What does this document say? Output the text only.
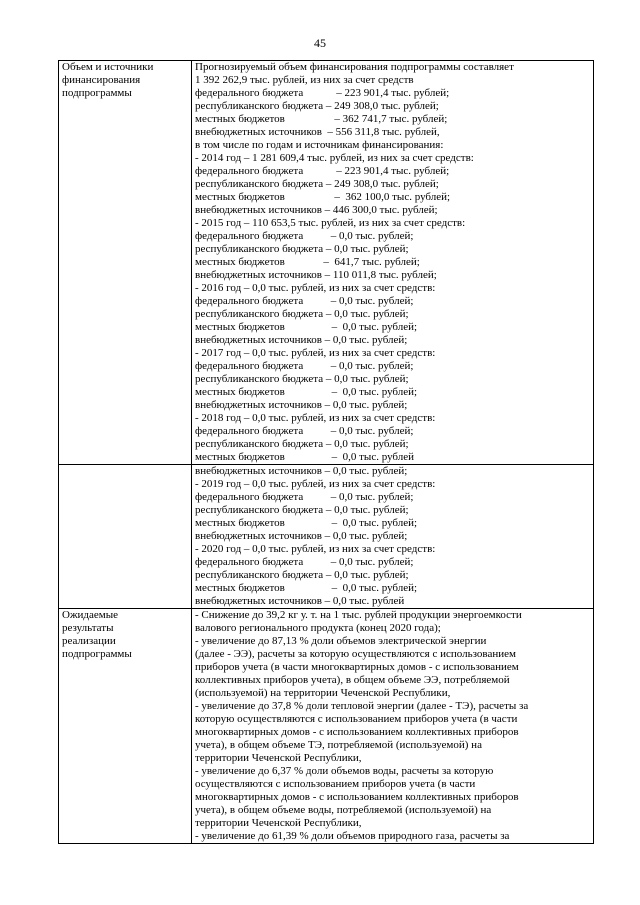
45
Объем и источники
финансирования
подпрограммы
Прогнозируемый объем финансирования подпрограммы составляет
1 392 262,9 тыс. рублей, из них за счет средств
федерального бюджета            – 223 901,4 тыс. рублей;
республиканского бюджета – 249 308,0 тыс. рублей;
местных бюджетов                  – 362 741,7 тыс. рублей;
внебюджетных источников  – 556 311,8 тыс. рублей,
в том числе по годам и источникам финансирования:
- 2014 год – 1 281 609,4 тыс. рублей, из них за счет средств:
федерального бюджета            – 223 901,4 тыс. рублей;
республиканского бюджета – 249 308,0 тыс. рублей;
местных бюджетов                  –  362 100,0 тыс. рублей;
внебюджетных источников – 446 300,0 тыс. рублей;
- 2015 год – 110 653,5 тыс. рублей, из них за счет средств:
федерального бюджета          – 0,0 тыс. рублей;
республиканского бюджета – 0,0 тыс. рублей;
местных бюджетов              –  641,7 тыс. рублей;
внебюджетных источников – 110 011,8 тыс. рублей;
- 2016 год – 0,0 тыс. рублей, из них за счет средств:
федерального бюджета          – 0,0 тыс. рублей;
республиканского бюджета – 0,0 тыс. рублей;
местных бюджетов                 –  0,0 тыс. рублей;
внебюджетных источников – 0,0 тыс. рублей;
- 2017 год – 0,0 тыс. рублей, из них за счет средств:
федерального бюджета          – 0,0 тыс. рублей;
республиканского бюджета – 0,0 тыс. рублей;
местных бюджетов                 –  0,0 тыс. рублей;
внебюджетных источников – 0,0 тыс. рублей;
- 2018 год – 0,0 тыс. рублей, из них за счет средств:
федерального бюджета          – 0,0 тыс. рублей;
республиканского бюджета – 0,0 тыс. рублей;
местных бюджетов                 –  0,0 тыс. рублей
внебюджетных источников – 0,0 тыс. рублей;
- 2019 год – 0,0 тыс. рублей, из них за счет средств:
федерального бюджета          – 0,0 тыс. рублей;
республиканского бюджета – 0,0 тыс. рублей;
местных бюджетов                 –  0,0 тыс. рублей;
внебюджетных источников – 0,0 тыс. рублей;
- 2020 год – 0,0 тыс. рублей, из них за счет средств:
федерального бюджета          – 0,0 тыс. рублей;
республиканского бюджета – 0,0 тыс. рублей;
местных бюджетов                 –  0,0 тыс. рублей;
внебюджетных источников – 0,0 тыс. рублей
Ожидаемые
результаты
реализации
подпрограммы
- Снижение до 39,2 кг у. т. на 1 тыс. рублей продукции энергоемкости
валового регионального продукта (конец 2020 года);
- увеличение до 87,13 % доли объемов электрической энергии
(далее - ЭЭ), расчеты за которую осуществляются с использованием
приборов учета (в части многоквартирных домов - с использованием
коллективных приборов учета), в общем объеме ЭЭ, потребляемой
(используемой) на территории Чеченской Республики,
- увеличение до 37,8 % доли тепловой энергии (далее - ТЭ), расчеты за
которую осуществляются с использованием приборов учета (в части
многоквартирных домов - с использованием коллективных приборов
учета), в общем объеме ТЭ, потребляемой (используемой) на
территории Чеченской Республики,
- увеличение до 6,37 % доли объемов воды, расчеты за которую
осуществляются с использованием приборов учета (в части
многоквартирных домов - с использованием коллективных приборов
учета), в общем объеме воды, потребляемой (используемой) на
территории Чеченской Республики,
- увеличение до 61,39 % доли объемов природного газа, расчеты за
